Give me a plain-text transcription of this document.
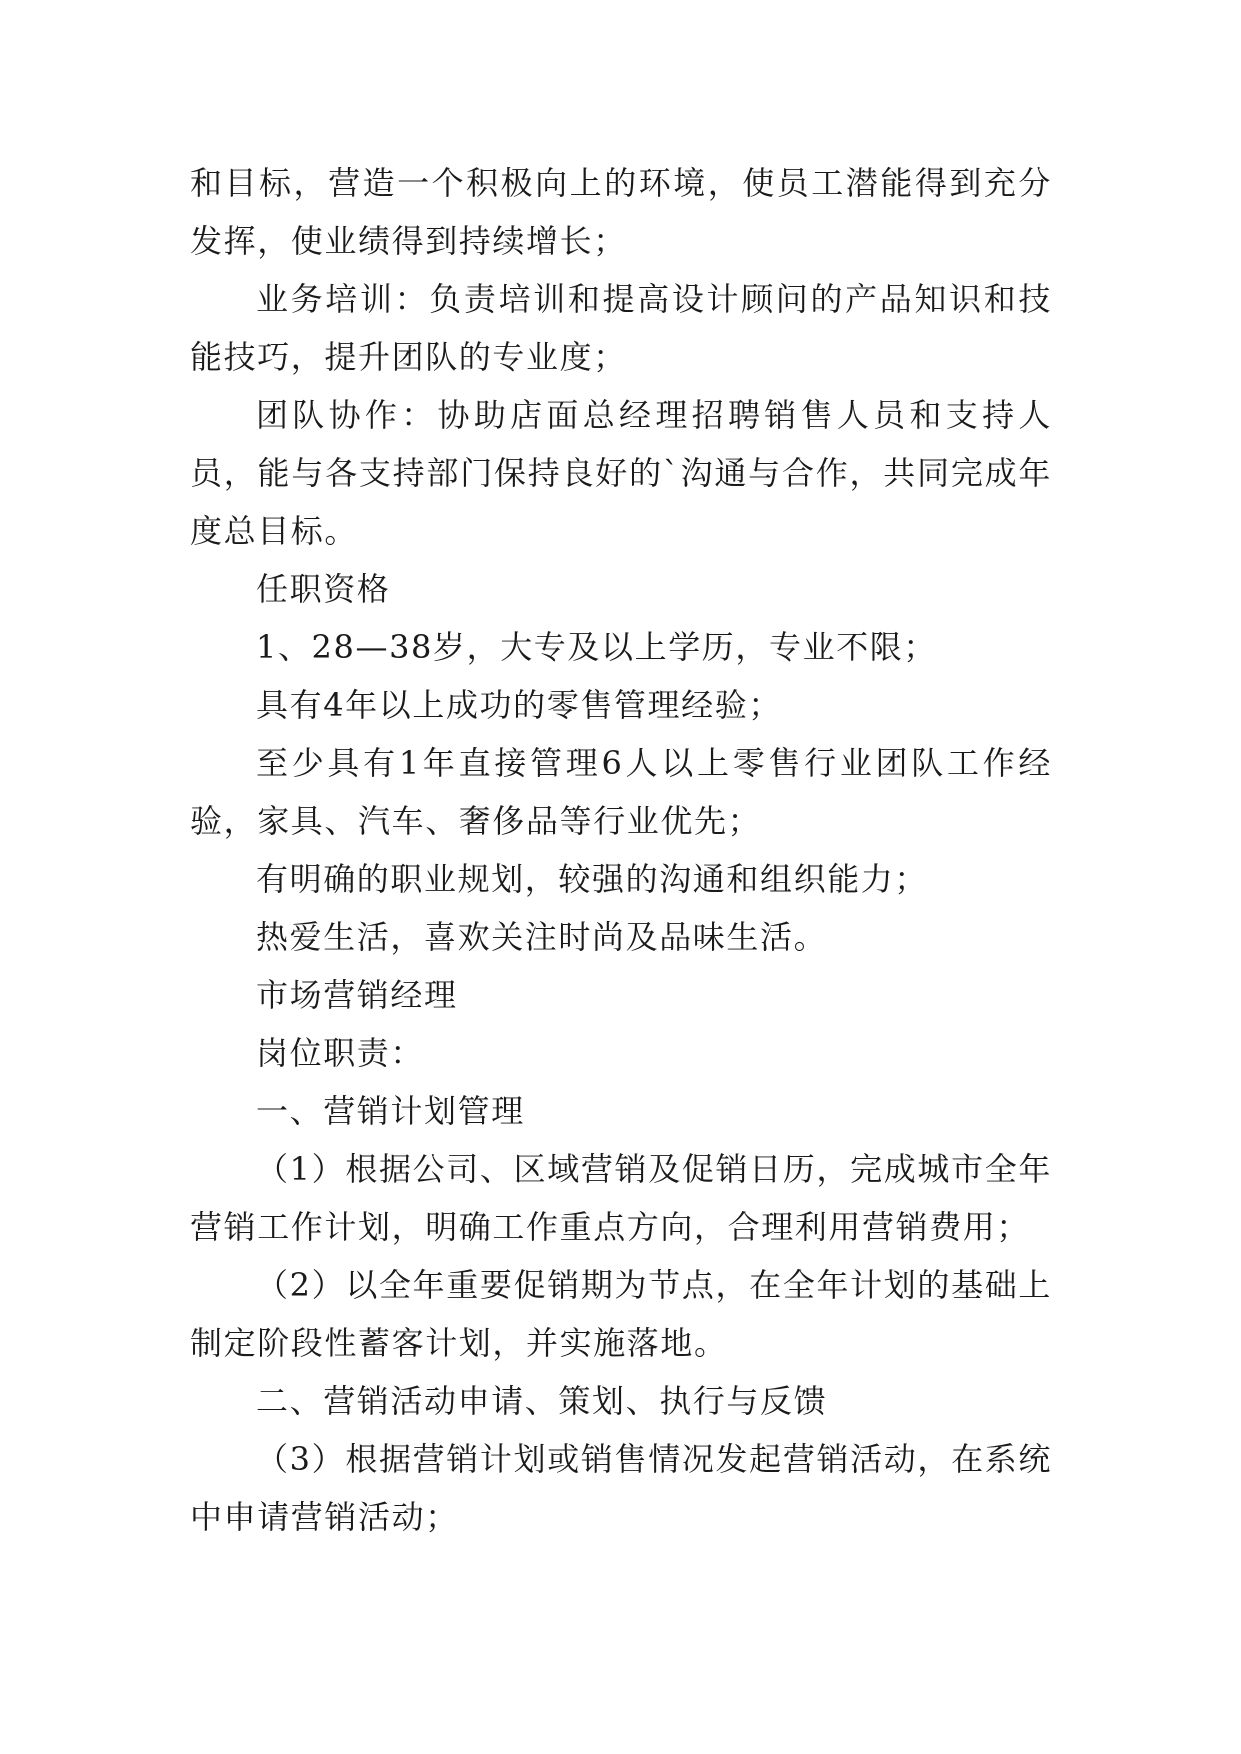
和目标，营造一个积极向上的环境，使员工潜能得到充分发挥，使业绩得到持续增长；

业务培训：负责培训和提高设计顾问的产品知识和技能技巧，提升团队的专业度；

团队协作：协助店面总经理招聘销售人员和支持人员，能与各支持部门保持良好的`沟通与合作，共同完成年度总目标。

任职资格

1、28—38岁，大专及以上学历，专业不限；

具有4年以上成功的零售管理经验；

至少具有1年直接管理6人以上零售行业团队工作经验，家具、汽车、奢侈品等行业优先；

有明确的职业规划，较强的沟通和组织能力；

热爱生活，喜欢关注时尚及品味生活。

市场营销经理

岗位职责：

一、营销计划管理

（1）根据公司、区域营销及促销日历，完成城市全年营销工作计划，明确工作重点方向，合理利用营销费用；

（2）以全年重要促销期为节点，在全年计划的基础上制定阶段性蓄客计划，并实施落地。

二、营销活动申请、策划、执行与反馈

（3）根据营销计划或销售情况发起营销活动，在系统中申请营销活动；
